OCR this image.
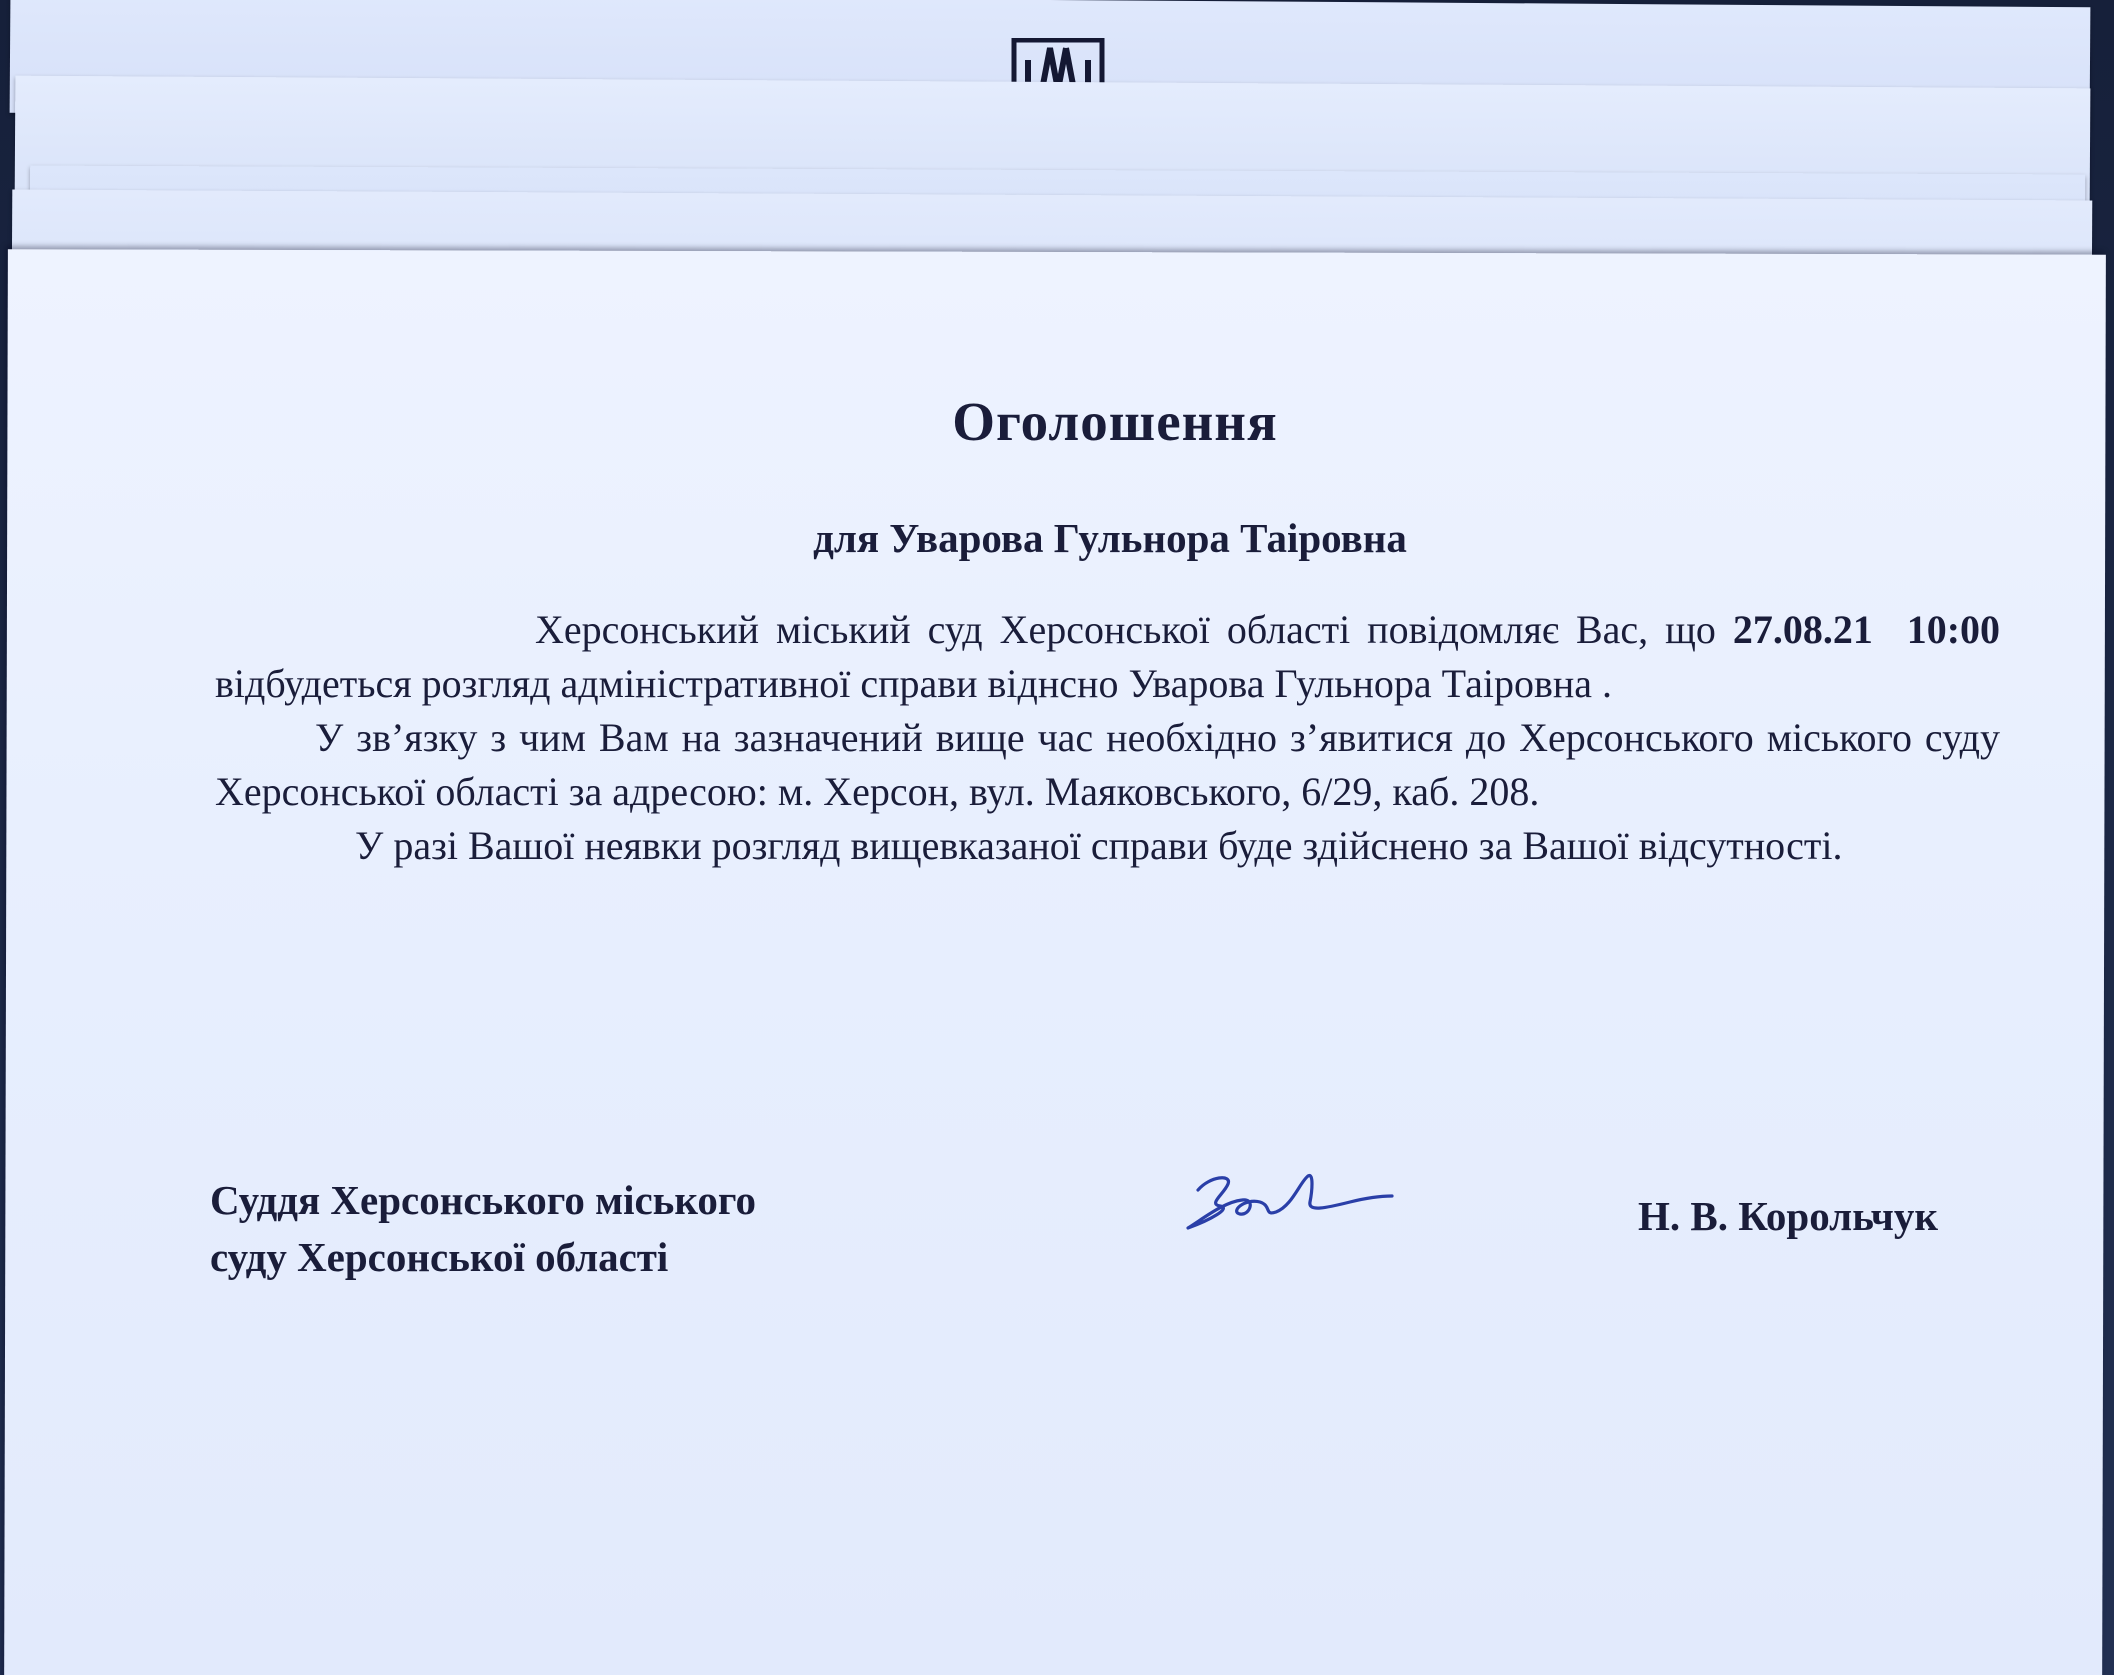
Оголошення
для Уварова Гульнора Таіровна

Херсонський міський суд Херсонської області повідомляє Вас, що 27.08.21 10:00 відбудеться розгляд адміністративної справи віднсно Уварова Гульнора Таіровна .

У зв’язку з чим Вам на зазначений вище час необхідно з’явитися до Херсонського міського суду Херсонської області за адресою: м. Херсон, вул. Маяковського, 6/29, каб. 208.

У разі Вашої неявки розгляд вищевказаної справи буде здійснено за Вашої відсутності.

Суддя Херсонського міського
суду Херсонської області

Н. В. Корольчук
